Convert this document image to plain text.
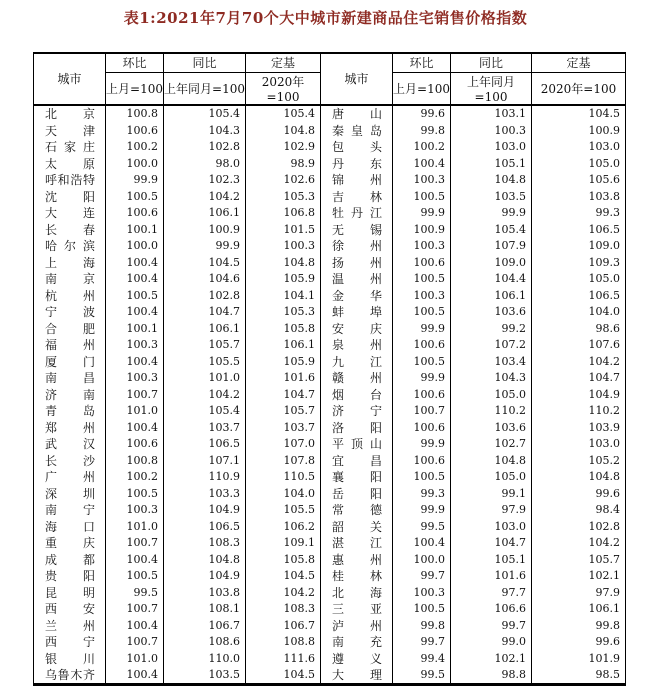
表1:2021年7月70个大中城市新建商品住宅销售价格指数
城市	环比	同比	定基	城市	环比	同比	定基
	上月=100	上年同月=100	2020年=100		上月=100	上年同月=100	2020年=100
北京	100.8	105.4	105.4	唐山	99.6	103.1	104.5
天津	100.6	104.3	104.8	秦皇岛	99.8	100.3	100.9
石家庄	100.2	102.8	102.9	包头	100.2	103.0	103.0
太原	100.0	98.0	98.9	丹东	100.4	105.1	105.0
呼和浩特	99.9	102.3	102.6	锦州	100.3	104.8	105.6
沈阳	100.5	104.2	105.3	吉林	100.5	103.5	103.8
大连	100.6	106.1	106.8	牡丹江	99.9	99.9	99.3
长春	100.1	100.9	101.5	无锡	100.9	105.4	106.5
哈尔滨	100.0	99.9	100.3	徐州	100.3	107.9	109.0
上海	100.4	104.5	104.8	扬州	100.6	109.0	109.3
南京	100.4	104.6	105.9	温州	100.5	104.4	105.0
杭州	100.5	102.8	104.1	金华	100.3	106.1	106.5
宁波	100.4	104.7	105.3	蚌埠	100.5	103.6	104.0
合肥	100.1	106.1	105.8	安庆	99.9	99.2	98.6
福州	100.3	105.7	106.1	泉州	100.6	107.2	107.6
厦门	100.4	105.5	105.9	九江	100.5	103.4	104.2
南昌	100.3	101.0	101.6	赣州	99.9	104.3	104.7
济南	100.7	104.2	104.7	烟台	100.6	105.0	104.9
青岛	101.0	105.4	105.7	济宁	100.7	110.2	110.2
郑州	100.4	103.7	103.7	洛阳	100.6	103.6	103.9
武汉	100.6	106.5	107.0	平顶山	99.9	102.7	103.0
长沙	100.8	107.1	107.8	宜昌	100.6	104.8	105.2
广州	100.2	110.9	110.5	襄阳	100.5	105.0	104.8
深圳	100.5	103.3	104.0	岳阳	99.3	99.1	99.6
南宁	100.3	104.9	105.5	常德	99.9	97.9	98.4
海口	101.0	106.5	106.2	韶关	99.5	103.0	102.8
重庆	100.7	108.3	109.1	湛江	100.4	104.7	104.2
成都	100.4	104.8	105.8	惠州	100.0	105.1	105.7
贵阳	100.5	104.9	104.5	桂林	99.7	101.6	102.1
昆明	99.5	103.8	104.2	北海	100.3	97.7	97.9
西安	100.7	108.1	108.3	三亚	100.5	106.6	106.1
兰州	100.4	106.7	106.7	泸州	99.8	99.7	99.8
西宁	100.7	108.6	108.8	南充	99.7	99.0	99.6
银川	101.0	110.0	111.6	遵义	99.4	102.1	101.9
乌鲁木齐	100.4	103.5	104.5	大理	99.5	98.8	98.5
